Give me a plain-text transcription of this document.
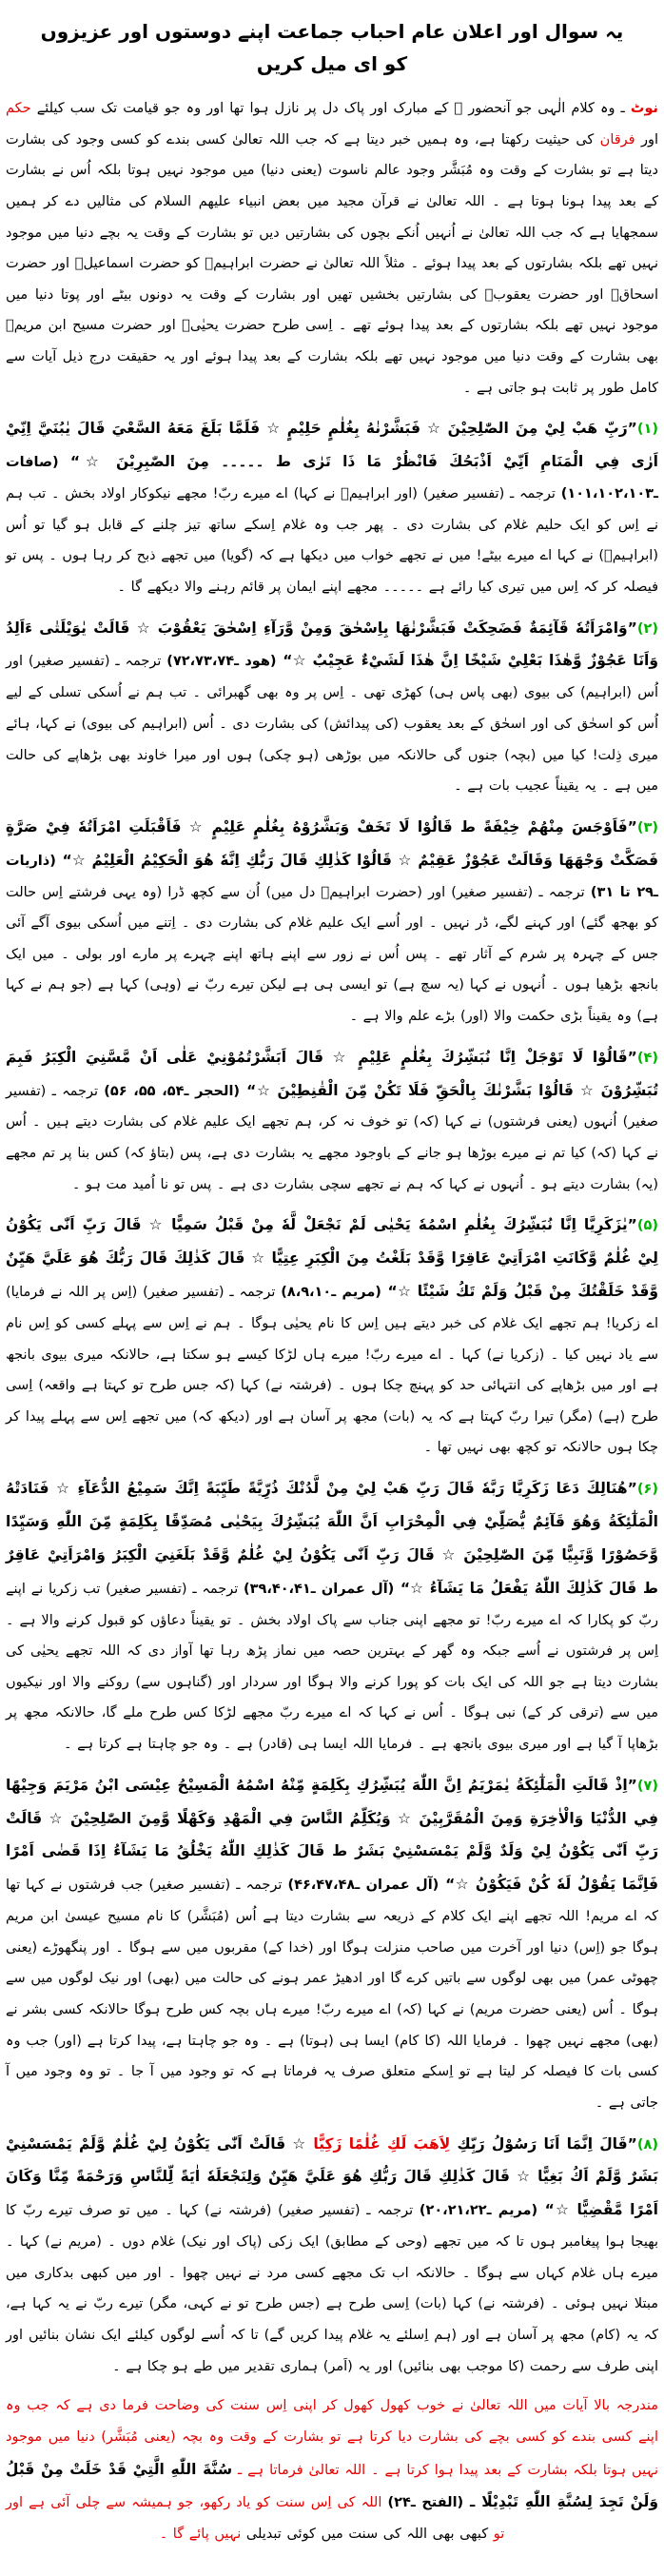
یہ سوال اور اعلان عام احباب جماعت اپنے دوستوں اور عزیزوں کو ای میل کریں

نوٹ ـ وہ کلام الٰہی جو آنحضور ﷺ کے مبارک اور پاک دل پر نازل ہوا تھا اور وہ جو قیامت تک سب کیلئے حکم اور فرقان کی حیثیت رکھتا ہے، وہ ہمیں خبر دیتا ہے کہ جب اللہ تعالیٰ کسی بندے کو کسی وجود کی بشارت دیتا ہے تو بشارت کے وقت وہ مُبَشَّر وجود عالم ناسوت (یعنی دنیا) میں موجود نہیں ہوتا بلکہ اُس نے بشارت کے بعد پیدا ہونا ہوتا ہے ۔ اللہ تعالیٰ نے قرآن مجید میں بعض انبیاء علیھم السلام کی مثالیں دے کر ہمیں سمجھایا ہے کہ جب اللہ تعالیٰ نے اُنہیں اُنکے بچوں کی بشارتیں دیں تو بشارت کے وقت یہ بچے دنیا میں موجود نہیں تھے بلکہ بشارتوں کے بعد پیدا ہوئے ۔ مثلاً اللہ تعالیٰ نے حضرت ابراہیمؑ کو حضرت اسماعیلؑ اور حضرت اسحاقؑ اور حضرت یعقوبؑ کی بشارتیں بخشیں تھیں اور بشارت کے وقت یہ دونوں بیٹے اور پوتا دنیا میں موجود نہیں تھے بلکہ بشارتوں کے بعد پیدا ہوئے تھے ۔ اِسی طرح حضرت یحیٰیؑ اور حضرت مسیح ابن مریمؑ بھی بشارت کے وقت دنیا میں موجود نہیں تھے بلکہ بشارت کے بعد پیدا ہوئے اور یہ حقیقت درج ذیل آیات سے کامل طور پر ثابت ہو جاتی ہے ۔

(۱)”رَبِّ هَبْ لِيْ مِنَ الصّٰلِحِيْنَ ☆ فَبَشَّرْنٰهُ بِغُلٰمٍ حَلِيْمٍ ☆ فَلَمَّا بَلَغَ مَعَهُ السَّعْيَ قَالَ يٰبُنَيَّ اِنِّيْ اَرٰى فِي الْمَنَامِ اَنِّيْ اَذْبَحُكَ فَانْظُرْ مَا ذَا تَرٰى ط ۔۔۔۔۔ مِنَ الصّٰبِرِيْنَ ☆“ (صافات ـ۱۰۱،۱۰۲،۱۰۳) ترجمہ ـ (تفسیر صغیر) (اور ابراہیمؑ نے کہا) اے میرے ربّ! مجھے نیکوکار اولاد بخش ۔ تب ہم نے اِس کو ایک حلیم غلام کی بشارت دی ۔ پھر جب وہ غلام اِسکے ساتھ تیز چلنے کے قابل ہو گیا تو اُس (ابراہیمؑ) نے کہا اے میرے بیٹے! میں نے تجھے خواب میں دیکھا ہے کہ (گویا) میں تجھے ذبح کر رہا ہوں ۔ پس تو فیصلہ کر کہ اِس میں تیری کیا رائے ہے ۔۔۔۔۔ مجھے اپنے ایمان پر قائم رہنے والا دیکھے گا ۔

(۲)”وَامْرَاَتُهٗ قَآئِمَةٌ فَضَحِكَتْ فَبَشَّرْنٰهَا بِاِسْحٰقَ وَمِنْ وَّرَآءِ اِسْحٰقَ يَعْقُوْبَ ☆ قَالَتْ يٰوَيْلَتٰى ءَاَلِدُ وَاَنَا عَجُوْزٌ وَّهٰذَا بَعْلِيْ شَيْخًا اِنَّ هٰذَا لَشَيْءٌ عَجِيْبٌ ☆“ (ھود ـ۷۲،۷۳،۷۴) ترجمہ ـ (تفسیر صغیر) اور اُس (ابراہیم) کی بیوی (بھی پاس ہی) کھڑی تھی ۔ اِس پر وہ بھی گھبرائی ۔ تب ہم نے اُسکی تسلی کے لیے اُس کو اسحٰق کی اور اسحٰق کے بعد یعقوب (کی پیدائش) کی بشارت دی ۔ اُس (ابراہیم کی بیوی) نے کہا، ہائے میری ذِلت! کیا میں (بچہ) جنوں گی حالانکہ میں بوڑھی (ہو چکی) ہوں اور میرا خاوند بھی بڑھاپے کی حالت میں ہے ۔ یہ یقیناً عجیب بات ہے ۔

(۳)”فَاَوْجَسَ مِنْهُمْ خِيْفَةً ط قَالُوْا لَا تَخَفْ وَبَشَّرُوْهُ بِغُلٰمٍ عَلِيْمٍ ☆ فَاَقْبَلَتِ امْرَاَتُهٗ فِيْ صَرَّةٍ فَصَكَّتْ وَجْهَهَا وَقَالَتْ عَجُوْزٌ عَقِيْمٌ ☆ قَالُوْا كَذٰلِكِ قَالَ رَبُّكِ اِنَّهٗ هُوَ الْحَكِيْمُ الْعَلِيْمُ ☆“ (ذاریات ـ۲۹ تا ۳۱) ترجمہ ـ (تفسیر صغیر) اور (حضرت ابراہیمؑ دل میں) اُن سے کچھ ڈرا (وہ یہی فرشتے اِس حالت کو بھجھ گئے) اور کہنے لگے، ڈر نہیں ۔ اور اُسے ایک علیم غلام کی بشارت دی ۔ اِتنے میں اُسکی بیوی آگے آئی جس کے چہرہ پر شرم کے آثار تھے ۔ پس اُس نے زور سے اپنے ہاتھ اپنے چہرے پر مارے اور بولی ۔ میں ایک بانجھ بڑھیا ہوں ۔ اُنہوں نے کہا (یہ سچ ہے) تو ایسی ہی ہے لیکن تیرے ربّ نے (وہی) کہا ہے (جو ہم نے کہا ہے) وہ یقیناً بڑی حکمت والا (اور) بڑے علم والا ہے ۔

(۴)”قَالُوْا لَا تَوْجَلْ اِنَّا نُبَشِّرُكَ بِغُلٰمٍ عَلِيْمٍ ☆ قَالَ اَبَشَّرْتُمُوْنِيْ عَلٰى اَنْ مَّسَّنِيَ الْكِبَرُ فَبِمَ تُبَشِّرُوْنَ ☆ قَالُوْا بَشَّرْنٰكَ بِالْحَقِّ فَلَا تَكُنْ مِّنَ الْقٰنِطِيْنَ ☆“ (الحجر ـ۵۴، ۵۵، ۵۶) ترجمہ ـ (تفسیر صغیر) اُنہوں (یعنی فرشتوں) نے کہا (کہ) تو خوف نہ کر، ہم تجھے ایک علیم غلام کی بشارت دیتے ہیں ۔ اُس نے کہا (کہ) کیا تم نے میرے بوڑھا ہو جانے کے باوجود مجھے یہ بشارت دی ہے، پس (بتاؤ کہ) کس بنا پر تم مجھے (یہ) بشارت دیتے ہو ۔ اُنہوں نے کہا کہ ہم نے تجھے سچی بشارت دی ہے ۔ پس تو نا اُمید مت ہو ۔

(۵)”يٰزَكَرِيَّا اِنَّا نُبَشِّرُكَ بِغُلٰمِ اسْمُهٗ يَحْيٰى لَمْ نَجْعَلْ لَّهٗ مِنْ قَبْلُ سَمِيًّا ☆ قَالَ رَبِّ اَنّٰى يَكُوْنُ لِيْ غُلٰمٌ وَّكَانَتِ امْرَاَتِيْ عَاقِرًا وَّقَدْ بَلَغْتُ مِنَ الْكِبَرِ عِتِيًّا ☆ قَالَ كَذٰلِكَ قَالَ رَبُّكَ هُوَ عَلَيَّ هَيِّنٌ وَّقَدْ خَلَقْتُكَ مِنْ قَبْلُ وَلَمْ تَكُ شَيْئًا ☆“ (مریم ـ۸،۹،۱۰) ترجمہ ـ (تفسیر صغیر) (اِس پر اللہ نے فرمایا) اے زکریا! ہم تجھے ایک غلام کی خبر دیتے ہیں اِس کا نام یحیٰی ہوگا ۔ ہم نے اِس سے پہلے کسی کو اِس نام سے یاد نہیں کیا ۔ (زکریا نے) کہا ۔ اے میرے ربّ! میرے ہاں لڑکا کیسے ہو سکتا ہے، حالانکہ میری بیوی بانجھ ہے اور میں بڑھاپے کی انتہائی حد کو پہنچ چکا ہوں ۔ (فرشتہ نے) کہا (کہ جس طرح تو کہتا ہے واقعہ) اِسی طرح (ہے) (مگر) تیرا ربّ کہتا ہے کہ یہ (بات) مجھ پر آسان ہے اور (دیکھ کہ) میں تجھے اِس سے پہلے پیدا کر چکا ہوں حالانکہ تو کچھ بھی نہیں تھا ۔

(۶)”هُنَالِكَ دَعَا زَكَرِيَّا رَبَّهٗ قَالَ رَبِّ هَبْ لِيْ مِنْ لَّدُنْكَ ذُرِّيَّةً طَيِّبَةً اِنَّكَ سَمِيْعُ الدُّعَآءِ ☆ فَنَادَتْهُ الْمَلٰٓئِكَةُ وَهُوَ قَآئِمٌ يُّصَلِّيْ فِي الْمِحْرَابِ اَنَّ اللّٰهَ يُبَشِّرُكَ بِيَحْيٰى مُصَدِّقًا بِكَلِمَةٍ مِّنَ اللّٰهِ وَسَيِّدًا وَّحَصُوْرًا وَّنَبِيًّا مِّنَ الصّٰلِحِيْنَ ☆ قَالَ رَبِّ اَنّٰى يَكُوْنُ لِيْ غُلٰمٌ وَّقَدْ بَلَغَنِيَ الْكِبَرُ وَامْرَاَتِيْ عَاقِرٌ ط قَالَ كَذٰلِكَ اللّٰهُ يَفْعَلُ مَا يَشَآءُ ☆“ (آل عمران ـ۳۹،۴۰،۴۱) ترجمہ ـ (تفسیر صغیر) تب زکریا نے اپنے ربّ کو پکارا کہ اے میرے ربّ! تو مجھے اپنی جناب سے پاک اولاد بخش ۔ تو یقیناً دعاؤں کو قبول کرنے والا ہے ۔ اِس پر فرشتوں نے اُسے جبکہ وہ گھر کے بہترین حصہ میں نماز پڑھ رہا تھا آواز دی کہ اللہ تجھے یحیٰی کی بشارت دیتا ہے جو اللہ کی ایک بات کو پورا کرنے والا ہوگا اور سردار اور (گناہوں سے) روکنے والا اور نیکیوں میں سے (ترقی کر کے) نبی ہوگا ۔ اُس نے کہا کہ اے میرے ربّ مجھے لڑکا کس طرح ملے گا، حالانکہ مجھ پر بڑھاپا آ گیا ہے اور میری بیوی بانجھ ہے ۔ فرمایا اللہ ایسا ہی (قادر) ہے ۔ وہ جو چاہتا ہے کرتا ہے ۔

(۷)”اِذْ قَالَتِ الْمَلٰٓئِكَةُ يٰمَرْيَمُ اِنَّ اللّٰهَ يُبَشِّرُكِ بِكَلِمَةٍ مِّنْهُ اسْمُهُ الْمَسِيْحُ عِيْسَى ابْنُ مَرْيَمَ وَجِيْهًا فِي الدُّنْيَا وَالْاٰخِرَةِ وَمِنَ الْمُقَرَّبِيْنَ ☆ وَيُكَلِّمُ النَّاسَ فِي الْمَهْدِ وَكَهْلًا وَّمِنَ الصّٰلِحِيْنَ ☆ قَالَتْ رَبِّ اَنّٰى يَكُوْنُ لِيْ وَلَدٌ وَّلَمْ يَمْسَسْنِيْ بَشَرٌ ط قَالَ كَذٰلِكِ اللّٰهُ يَخْلُقُ مَا يَشَآءُ اِذَا قَضٰى اَمْرًا فَاِنَّمَا يَقُوْلُ لَهٗ كُنْ فَيَكُوْنُ ☆“ (آل عمران ـ۴۶،۴۷،۴۸) ترجمہ ـ (تفسیر صغیر) جب فرشتوں نے کہا تھا کہ اے مریم! اللہ تجھے اپنے ایک کلام کے ذریعہ سے بشارت دیتا ہے اُس (مُبَشَّر) کا نام مسیح عیسیٰ ابن مریم ہوگا جو (اِس) دنیا اور آخرت میں صاحب منزلت ہوگا اور (خدا کے) مقربوں میں سے ہوگا ۔ اور پنگھوڑے (یعنی چھوٹی عمر) میں بھی لوگوں سے باتیں کرے گا اور ادھیڑ عمر ہونے کی حالت میں (بھی) اور نیک لوگوں میں سے ہوگا ۔ اُس (یعنی حضرت مریم) نے کہا (کہ) اے میرے ربّ! میرے ہاں بچہ کس طرح ہوگا حالانکہ کسی بشر نے (بھی) مجھے نہیں چھوا ۔ فرمایا اللہ (کا کام) ایسا ہی (ہوتا) ہے ۔ وہ جو چاہتا ہے، پیدا کرتا ہے (اور) جب وہ کسی بات کا فیصلہ کر لیتا ہے تو اِسکے متعلق صرف یہ فرماتا ہے کہ تو وجود میں آ جا ۔ تو وہ وجود میں آ جاتی ہے ۔

(۸)”قَالَ اِنَّمَا اَنَا رَسُوْلُ رَبِّكِ لِاَهَبَ لَكِ غُلٰمًا زَكِيًّا ☆ قَالَتْ اَنّٰى يَكُوْنُ لِيْ غُلٰمٌ وَّلَمْ يَمْسَسْنِيْ بَشَرٌ وَّلَمْ اَكُ بَغِيًّا ☆ قَالَ كَذٰلِكِ قَالَ رَبُّكِ هُوَ عَلَيَّ هَيِّنٌ وَلِنَجْعَلَهٗ اٰيَةً لِّلنَّاسِ وَرَحْمَةً مِّنَّا وَكَانَ اَمْرًا مَّقْضِيًّا ☆“ (مریم ـ۲۰،۲۱،۲۲) ترجمہ ـ (تفسیر صغیر) (فرشتہ نے) کہا ۔ میں تو صرف تیرے ربّ کا بھیجا ہوا پیغامبر ہوں تا کہ میں تجھے (وحی کے مطابق) ایک زکی (پاک اور نیک) غلام دوں ۔ (مریم نے) کہا ۔ میرے ہاں غلام کہاں سے ہوگا ۔ حالانکہ اب تک مجھے کسی مرد نے نہیں چھوا ۔ اور میں کبھی بدکاری میں مبتلا نہیں ہوئی ۔ (فرشتہ نے) کہا (بات) اِسی طرح ہے (جس طرح تو نے کہی، مگر) تیرے ربّ نے یہ کہا ہے، کہ یہ (کام) مجھ پر آسان ہے اور (ہم اِسلئے یہ غلام پیدا کریں گے) تا کہ اُسے لوگوں کیلئے ایک نشان بنائیں اور اپنی طرف سے رحمت (کا موجب بھی بنائیں) اور یہ (اَمر) ہماری تقدیر میں طے ہو چکا ہے ۔

مندرجہ بالا آیات میں اللہ تعالیٰ نے خوب کھول کھول کر اپنی اِس سنت کی وضاحت فرما دی ہے کہ جب وہ اپنے کسی بندے کو کسی بچے کی بشارت دیا کرتا ہے تو بشارت کے وقت وہ بچہ (یعنی مُبَشَّر) دنیا میں موجود نہیں ہوتا بلکہ بشارت کے بعد پیدا ہوا کرتا ہے ۔ اللہ تعالیٰ فرماتا ہے ـ سُنَّةَ اللّٰهِ الَّتِيْ قَدْ خَلَتْ مِنْ قَبْلُ وَلَنْ تَجِدَ لِسُنَّةِ اللّٰهِ تَبْدِيْلًا ـ (الفتح ـ۲۴) اللہ کی اِس سنت کو یاد رکھو، جو ہمیشہ سے چلی آئی ہے اور تو کبھی بھی اللہ کی سنت میں کوئی تبدیلی نہیں پائے گا ۔
